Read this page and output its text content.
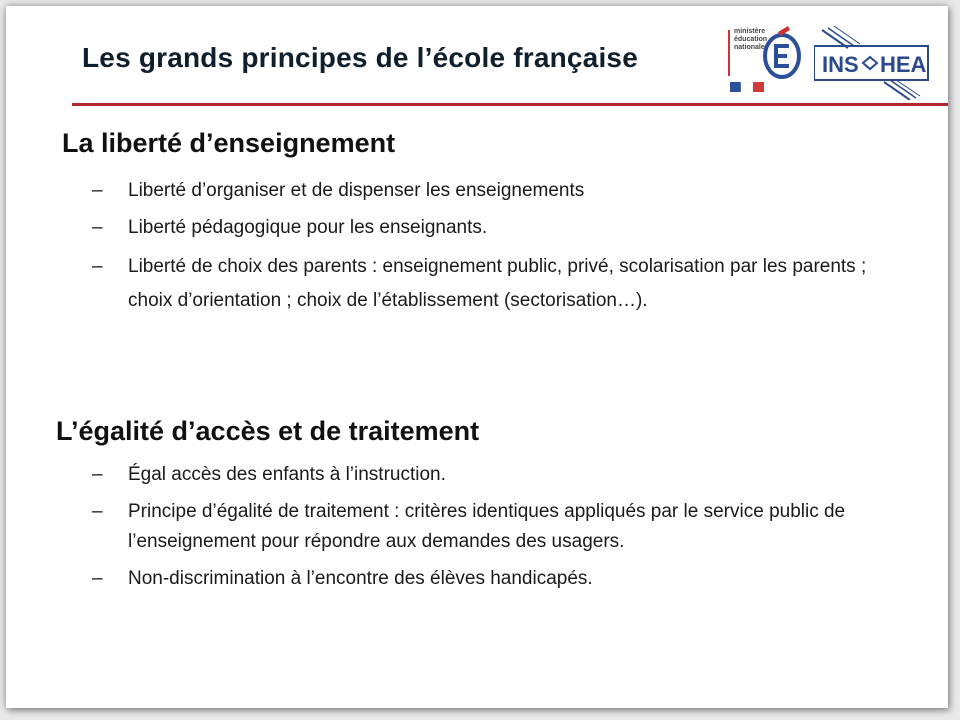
Les grands principes de l’école française
ministère
éducation
nationale
INS HEA
La liberté d’enseignement
– Liberté d’organiser et de dispenser les enseignements
– Liberté pédagogique pour les enseignants.
– Liberté de choix des parents : enseignement public, privé, scolarisation par les parents ; choix d’orientation ; choix de l’établissement (sectorisation…).
L’égalité d’accès et de traitement
– Égal accès des enfants à l’instruction.
– Principe d’égalité de traitement : critères identiques appliqués par le service public de l’enseignement pour répondre aux demandes des usagers.
– Non-discrimination à l’encontre des élèves handicapés.
